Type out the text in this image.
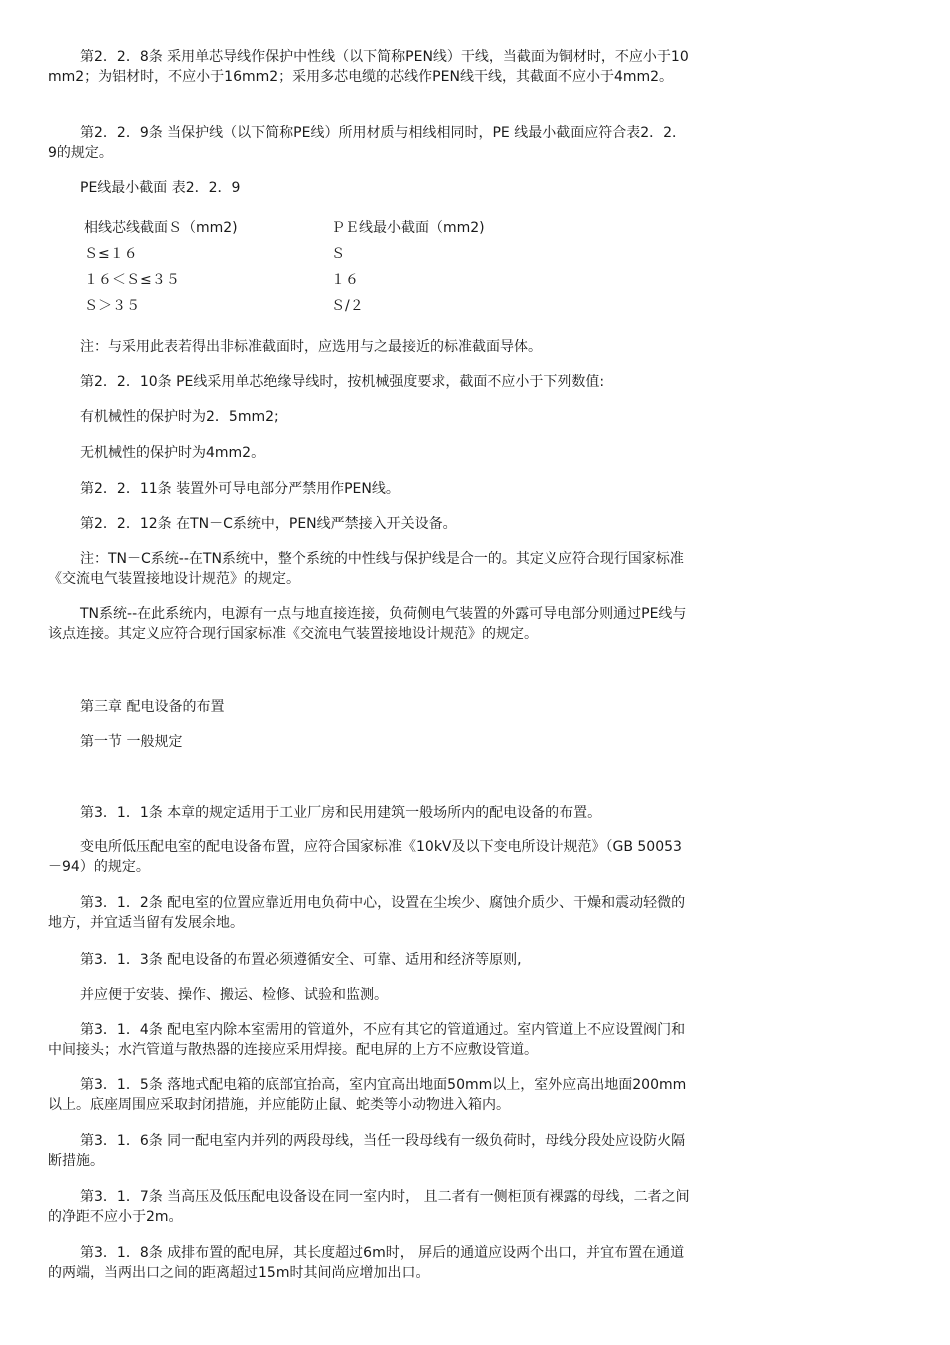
第2．2．8条 采用单芯导线作保护中性线（以下简称PEN线）干线，当截面为铜材时，不应小于10mm2；为铝材时，不应小于16mm2；采用多芯电缆的芯线作PEN线干线，其截面不应小于4mm2。

第2．2．9条 当保护线（以下简称PE线）所用材质与相线相同时，PE 线最小截面应符合表2．2．9的规定。

PE线最小截面 表2．2．9

相线芯线截面Ｓ（mm2)	ＰＥ线最小截面（mm2)
Ｓ≤１６	Ｓ
１６＜Ｓ≤３５	１６
Ｓ＞３５	Ｓ/２

注：与采用此表若得出非标准截面时，应选用与之最接近的标准截面导体。

第2．2．10条 PE线采用单芯绝缘导线时，按机械强度要求，截面不应小于下列数值:

有机械性的保护时为2．5mm2;

无机械性的保护时为4mm2。

第2．2．11条 装置外可导电部分严禁用作PEN线。

第2．2．12条 在TN－C系统中，PEN线严禁接入开关设备。

注：TN－C系统--在TN系统中，整个系统的中性线与保护线是合一的。其定义应符合现行国家标准《交流电气装置接地设计规范》的规定。

TN系统--在此系统内，电源有一点与地直接连接，负荷侧电气装置的外露可导电部分则通过PE线与该点连接。其定义应符合现行国家标准《交流电气装置接地设计规范》的规定。

第三章 配电设备的布置

第一节 一般规定

第3．1．1条 本章的规定适用于工业厂房和民用建筑一般场所内的配电设备的布置。

变电所低压配电室的配电设备布置，应符合国家标准《10kV及以下变电所设计规范》（GB 50053－94）的规定。

第3．1．2条 配电室的位置应靠近用电负荷中心，设置在尘埃少、腐蚀介质少、干燥和震动轻微的地方，并宜适当留有发展余地。

第3．1．3条 配电设备的布置必须遵循安全、可靠、适用和经济等原则,

并应便于安装、操作、搬运、检修、试验和监测。

第3．1．4条 配电室内除本室需用的管道外，不应有其它的管道通过。室内管道上不应设置阀门和中间接头；水汽管道与散热器的连接应采用焊接。配电屏的上方不应敷设管道。

第3．1．5条 落地式配电箱的底部宜抬高，室内宜高出地面50mm以上，室外应高出地面200mm以上。底座周围应采取封闭措施，并应能防止鼠、蛇类等小动物进入箱内。

第3．1．6条 同一配电室内并列的两段母线，当任一段母线有一级负荷时，母线分段处应设防火隔断措施。

第3．1．7条 当高压及低压配电设备设在同一室内时， 且二者有一侧柜顶有裸露的母线，二者之间的净距不应小于2m。

第3．1．8条 成排布置的配电屏，其长度超过6m时， 屏后的通道应设两个出口，并宜布置在通道的两端，当两出口之间的距离超过15m时其间尚应增加出口。
